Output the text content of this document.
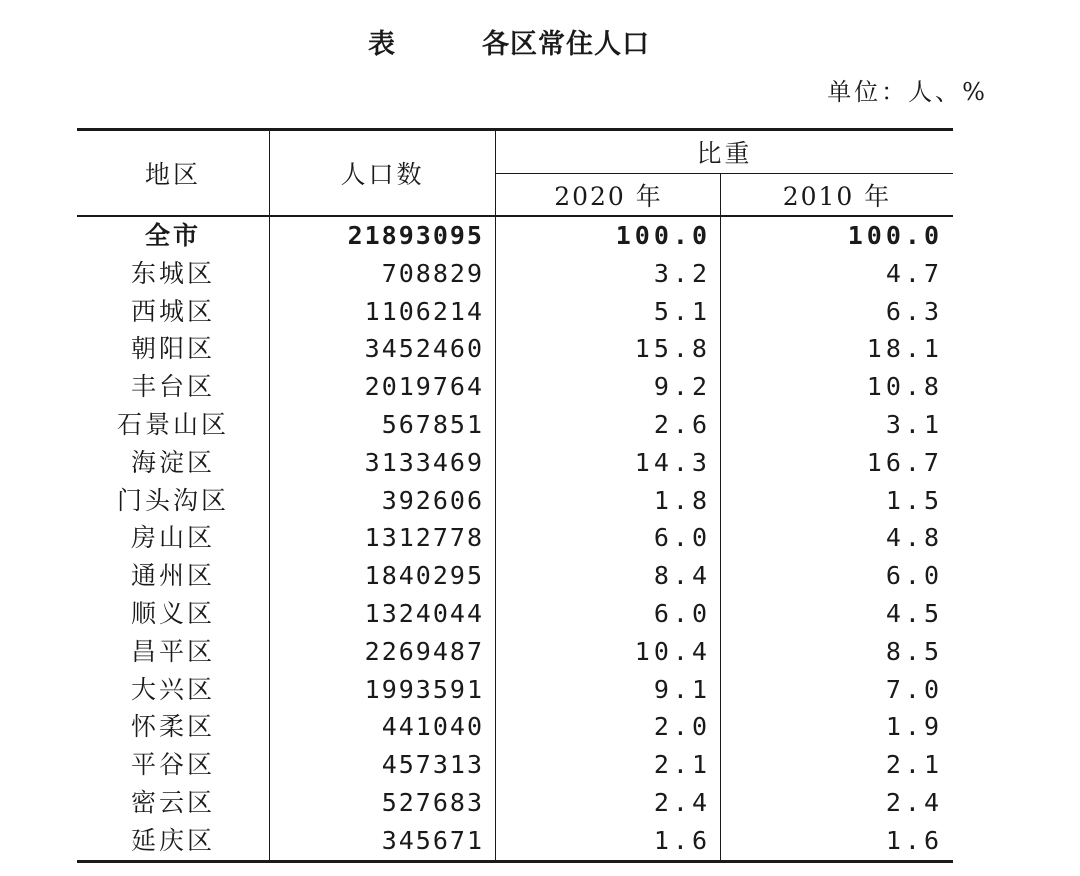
表	各区常住人口
单位：人、%
地区	人口数
比重
2020 年	2010 年
全市	21893095	100.0	100.0
东城区	708829	3.2	4.7
西城区	1106214	5.1	6.3
朝阳区	3452460	15.8	18.1
丰台区	2019764	9.2	10.8
石景山区	567851	2.6	3.1
海淀区	3133469	14.3	16.7
门头沟区	392606	1.8	1.5
房山区	1312778	6.0	4.8
通州区	1840295	8.4	6.0
顺义区	1324044	6.0	4.5
昌平区	2269487	10.4	8.5
大兴区	1993591	9.1	7.0
怀柔区	441040	2.0	1.9
平谷区	457313	2.1	2.1
密云区	527683	2.4	2.4
延庆区	345671	1.6	1.6
